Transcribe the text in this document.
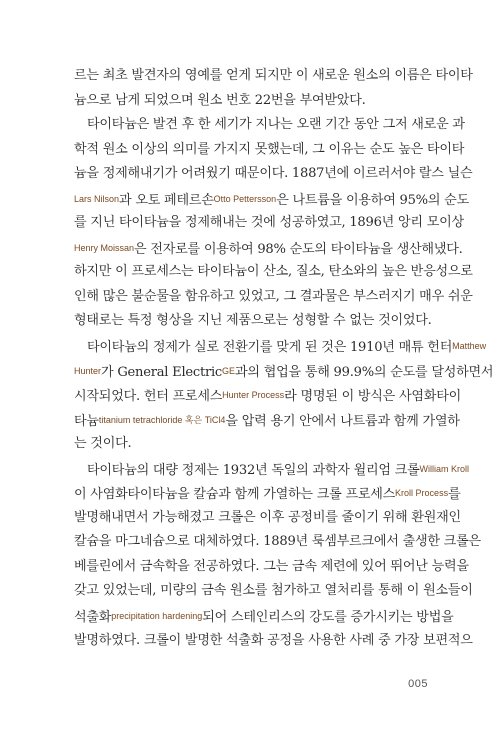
르는 최초 발견자의 영예를 얻게 되지만 이 새로운 원소의 이름은 타이타
늄으로 남게 되었으며 원소 번호 22번을 부여받았다.
타이타늄은 발견 후 한 세기가 지나는 오랜 기간 동안 그저 새로운 과
학적 원소 이상의 의미를 가지지 못했는데, 그 이유는 순도 높은 타이타
늄을 정제해내기가 어려웠기 때문이다. 1887년에 이르러서야 랄스 닐슨
Lars Nilson과 오토 페테르손Otto Pettersson은 나트륨을 이용하여 95%의 순도
를 지닌 타이타늄을 정제해내는 것에 성공하였고, 1896년 앙리 모이상
Henry Moissan은 전자로를 이용하여 98% 순도의 타이타늄을 생산해냈다.
하지만 이 프로세스는 타이타늄이 산소, 질소, 탄소와의 높은 반응성으로
인해 많은 불순물을 함유하고 있었고, 그 결과물은 부스러지기 매우 쉬운
형태로는 특정 형상을 지닌 제품으로는 성형할 수 없는 것이었다.
타이타늄의 정제가 실로 전환기를 맞게 된 것은 1910년 매튜 헌터Matthew
Hunter가 General ElectricGE과의 협업을 통해 99.9%의 순도를 달성하면서
시작되었다. 헌터 프로세스Hunter Process라 명명된 이 방식은 사염화타이
타늄titanium tetrachloride 혹은 TiCl4을 압력 용기 안에서 나트륨과 함께 가열하
는 것이다.
타이타늄의 대량 정제는 1932년 독일의 과학자 윌리엄 크롤William Kroll
이 사염화타이타늄을 칼슘과 함께 가열하는 크롤 프로세스Kroll Process를
발명해내면서 가능해졌고 크롤은 이후 공정비를 줄이기 위해 환원재인
칼슘을 마그네슘으로 대체하였다. 1889년 룩셈부르크에서 출생한 크롤은
베를린에서 금속학을 전공하였다. 그는 금속 제련에 있어 뛰어난 능력을
갖고 있었는데, 미량의 금속 원소를 첨가하고 열처리를 통해 이 원소들이
석출화precipitation hardening되어 스테인리스의 강도를 증가시키는 방법을
발명하였다. 크롤이 발명한 석출화 공정을 사용한 사례 중 가장 보편적으
005
